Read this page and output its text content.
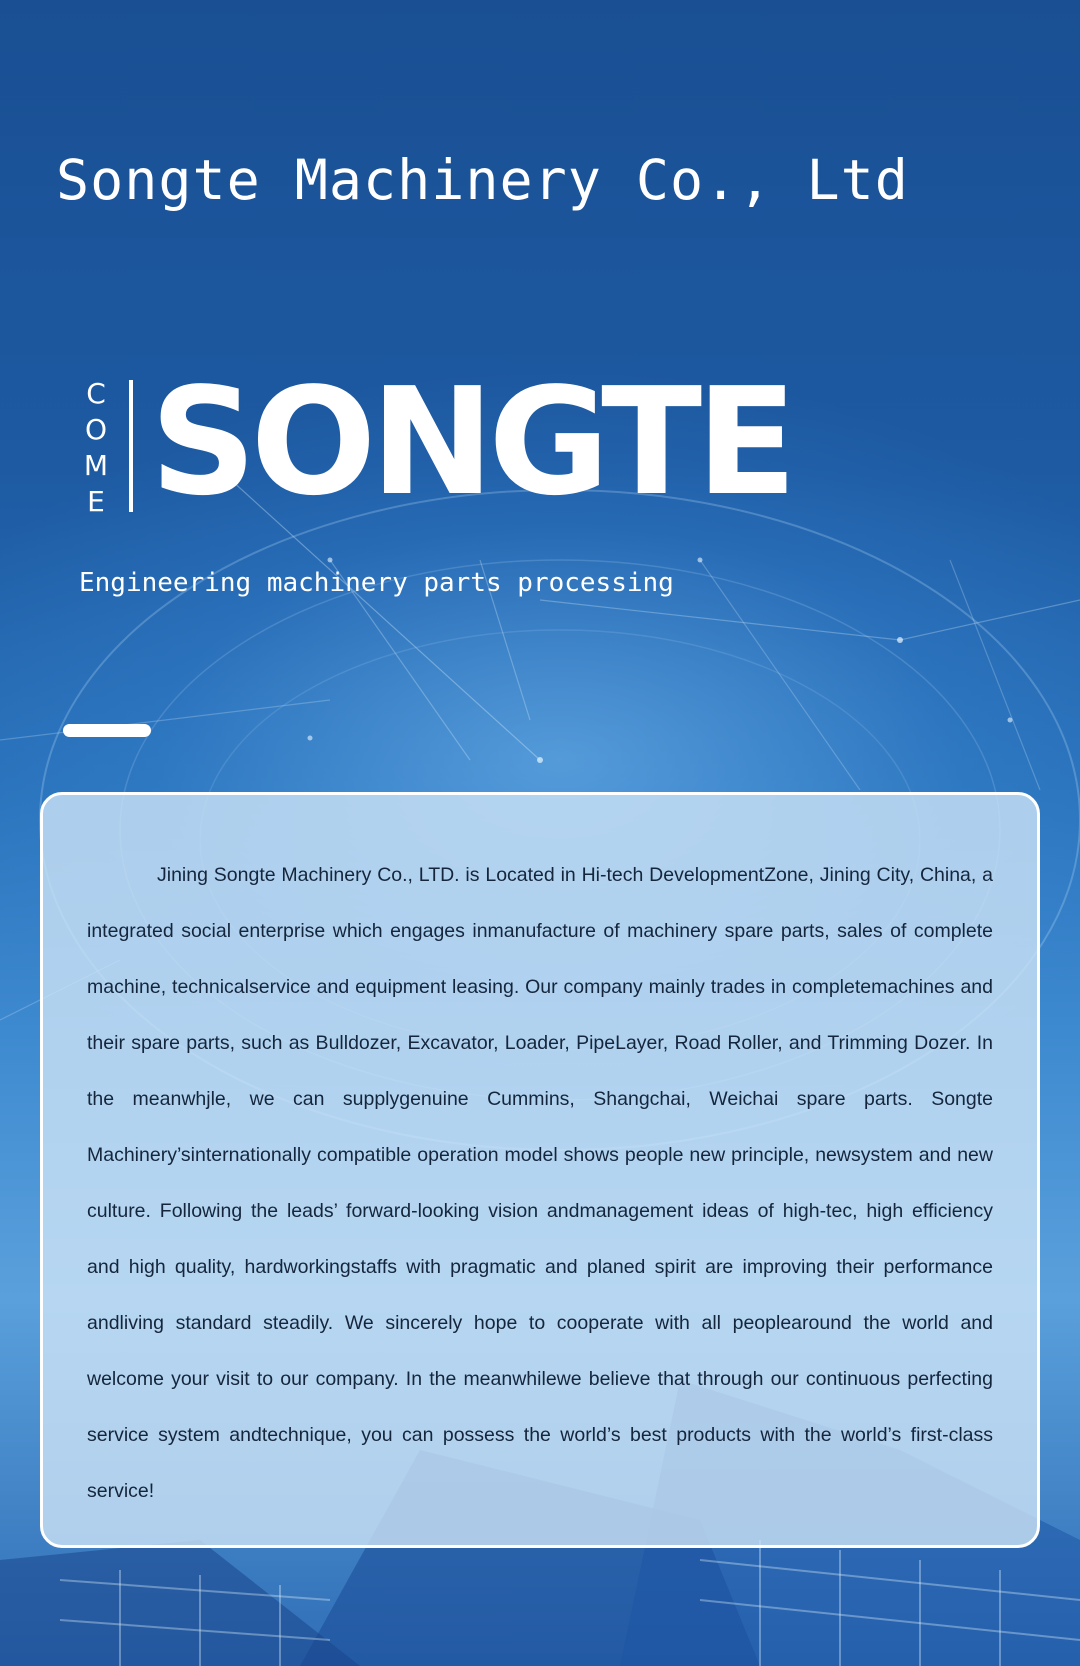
Songte Machinery Co., Ltd
C
O
M
E SONGTE
Engineering machinery parts processing

Jining Songte Machinery Co., LTD. is Located in Hi-tech DevelopmentZone, Jining City, China, a integrated social enterprise which engages inmanufacture of machinery spare parts, sales of complete machine, technicalservice and equipment leasing. Our company mainly trades in completemachines and their spare parts, such as Bulldozer, Excavator, Loader, PipeLayer, Road Roller, and Trimming Dozer. In the meanwhjle, we can supplygenuine Cummins, Shangchai, Weichai spare parts. Songte Machinery’sinternationally compatible operation model shows people new principle, newsystem and new culture. Following the leads’ forward-looking vision andmanagement ideas of high-tec, high efficiency and high quality, hardworkingstaffs with pragmatic and planed spirit are improving their performance andliving standard steadily. We sincerely hope to cooperate with all peoplearound the world and welcome your visit to our company. In the meanwhilewe believe that through our continuous perfecting service system andtechnique, you can possess the world’s best products with the world’s first-class service!
